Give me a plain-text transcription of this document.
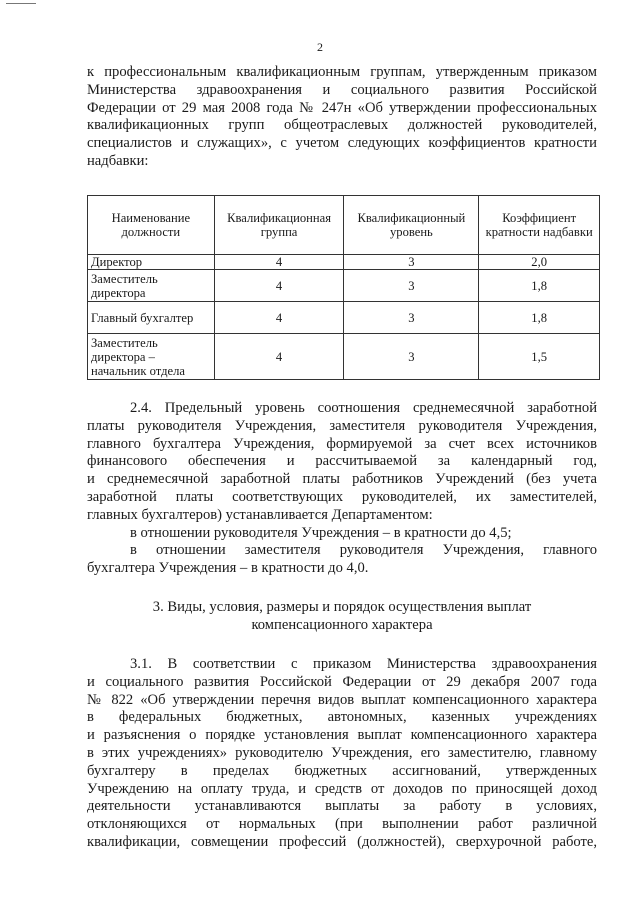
2
к профессиональным квалификационным группам, утвержденным приказом
Министерства здравоохранения и социального развития Российской
Федерации от 29 мая 2008 года № 247н «Об утверждении профессиональных
квалификационных групп общеотраслевых должностей руководителей,
специалистов и служащих», с учетом следующих коэффициентов кратности
надбавки:
Наименование должности	Квалификационная группа	Квалификационный уровень	Коэффициент кратности надбавки
Директор	4	3	2,0
Заместитель директора	4	3	1,8
Главный бухгалтер	4	3	1,8
Заместитель директора – начальник отдела	4	3	1,5
2.4. Предельный уровень соотношения среднемесячной заработной
платы руководителя Учреждения, заместителя руководителя Учреждения,
главного бухгалтера Учреждения, формируемой за счет всех источников
финансового обеспечения и рассчитываемой за календарный год,
и среднемесячной заработной платы работников Учреждений (без учета
заработной платы соответствующих руководителей, их заместителей,
главных бухгалтеров) устанавливается Департаментом:
в отношении руководителя Учреждения – в кратности до 4,5;
в отношении заместителя руководителя Учреждения, главного
бухгалтера Учреждения – в кратности до 4,0.
3. Виды, условия, размеры и порядок осуществления выплат
компенсационного характера
3.1. В соответствии с приказом Министерства здравоохранения
и социального развития Российской Федерации от 29 декабря 2007 года
№ 822 «Об утверждении перечня видов выплат компенсационного характера
в федеральных бюджетных, автономных, казенных учреждениях
и разъяснения о порядке установления выплат компенсационного характера
в этих учреждениях» руководителю Учреждения, его заместителю, главному
бухгалтеру в пределах бюджетных ассигнований, утвержденных
Учреждению на оплату труда, и средств от доходов по приносящей доход
деятельности устанавливаются выплаты за работу в условиях,
отклоняющихся от нормальных (при выполнении работ различной
квалификации, совмещении профессий (должностей), сверхурочной работе,
